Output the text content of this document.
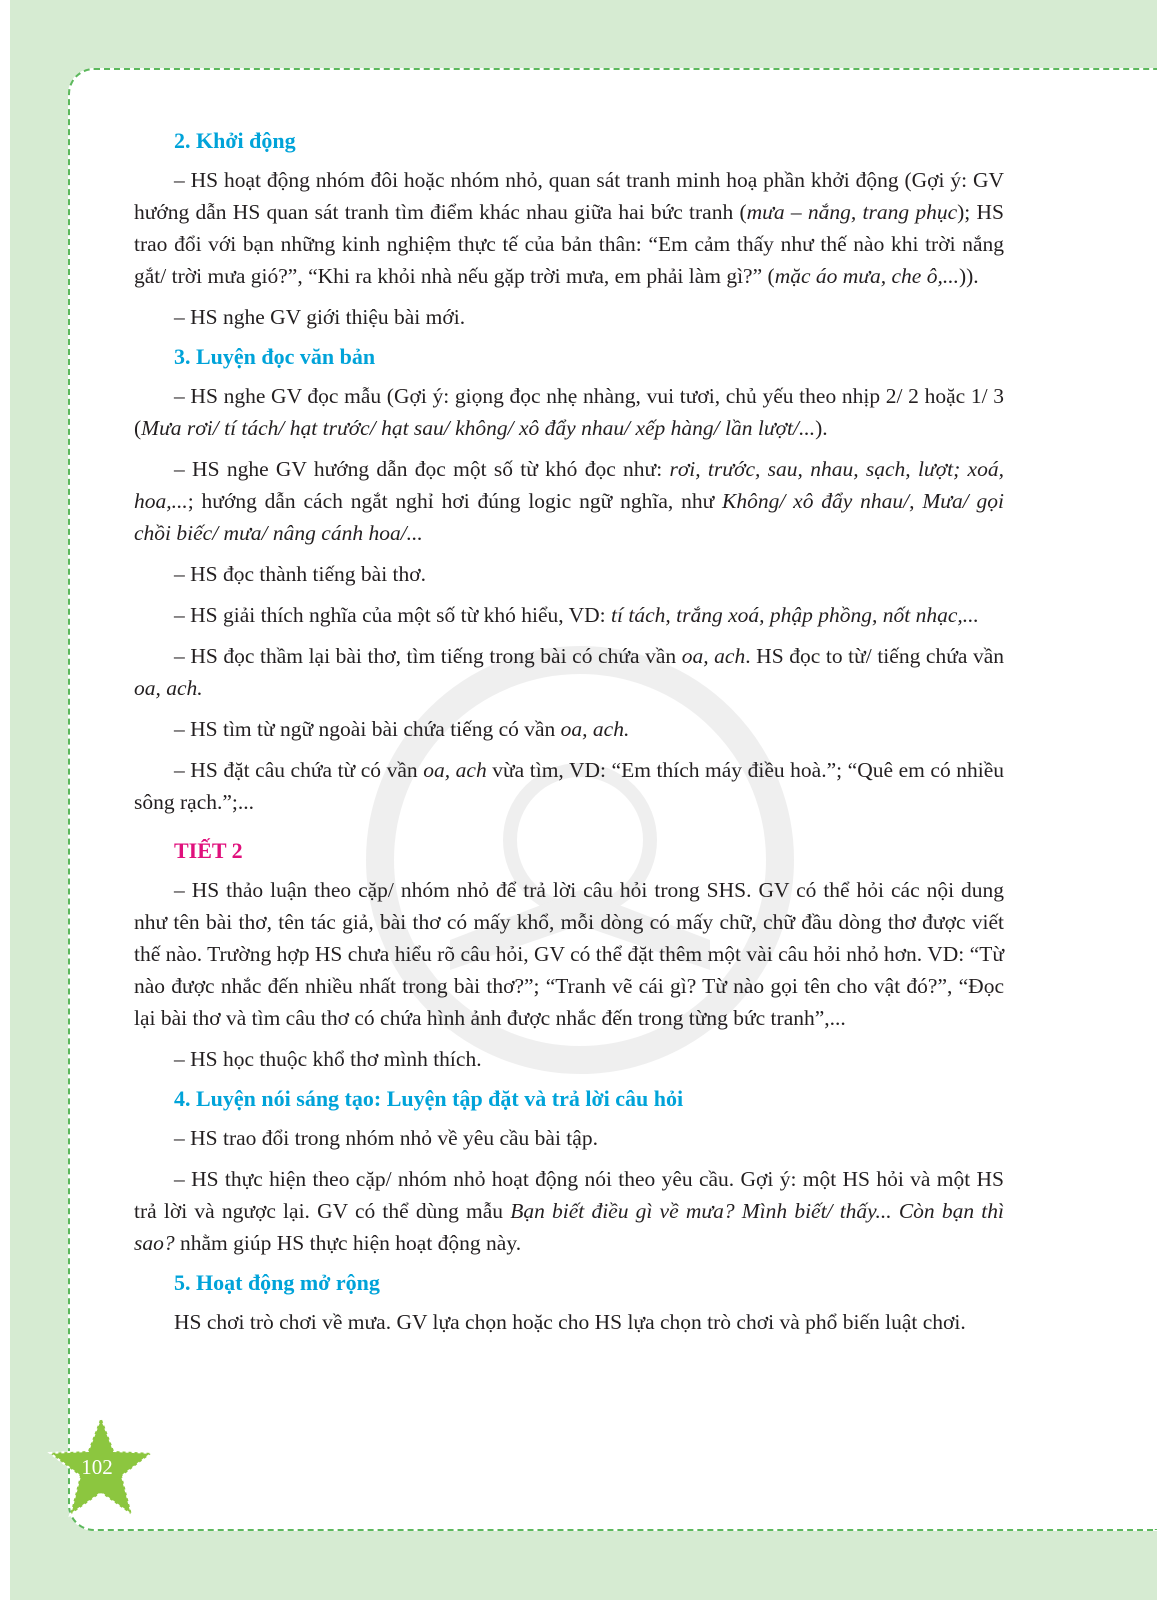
2. Khởi động

– HS hoạt động nhóm đôi hoặc nhóm nhỏ, quan sát tranh minh hoạ phần khởi động (Gợi ý: GV hướng dẫn HS quan sát tranh tìm điểm khác nhau giữa hai bức tranh (mưa – nắng, trang phục); HS trao đổi với bạn những kinh nghiệm thực tế của bản thân: “Em cảm thấy như thế nào khi trời nắng gắt/ trời mưa gió?”, “Khi ra khỏi nhà nếu gặp trời mưa, em phải làm gì?” (mặc áo mưa, che ô,...)).

– HS nghe GV giới thiệu bài mới.

3. Luyện đọc văn bản

– HS nghe GV đọc mẫu (Gợi ý: giọng đọc nhẹ nhàng, vui tươi, chủ yếu theo nhịp 2/ 2 hoặc 1/ 3 (Mưa rơi/ tí tách/ hạt trước/ hạt sau/ không/ xô đẩy nhau/ xếp hàng/ lần lượt/...).

– HS nghe GV hướng dẫn đọc một số từ khó đọc như: rơi, trước, sau, nhau, sạch, lượt; xoá, hoa,...; hướng dẫn cách ngắt nghỉ hơi đúng logic ngữ nghĩa, như Không/ xô đẩy nhau/, Mưa/ gọi chồi biếc/ mưa/ nâng cánh hoa/...

– HS đọc thành tiếng bài thơ.

– HS giải thích nghĩa của một số từ khó hiểu, VD: tí tách, trắng xoá, phập phồng, nốt nhạc,...

– HS đọc thầm lại bài thơ, tìm tiếng trong bài có chứa vần oa, ach. HS đọc to từ/ tiếng chứa vần oa, ach.

– HS tìm từ ngữ ngoài bài chứa tiếng có vần oa, ach.

– HS đặt câu chứa từ có vần oa, ach vừa tìm, VD: “Em thích máy điều hoà.”; “Quê em có nhiều sông rạch.”;...

TIẾT 2

– HS thảo luận theo cặp/ nhóm nhỏ để trả lời câu hỏi trong SHS. GV có thể hỏi các nội dung như tên bài thơ, tên tác giả, bài thơ có mấy khổ, mỗi dòng có mấy chữ, chữ đầu dòng thơ được viết thế nào. Trường hợp HS chưa hiểu rõ câu hỏi, GV có thể đặt thêm một vài câu hỏi nhỏ hơn. VD: “Từ nào được nhắc đến nhiều nhất trong bài thơ?”; “Tranh vẽ cái gì? Từ nào gọi tên cho vật đó?”, “Đọc lại bài thơ và tìm câu thơ có chứa hình ảnh được nhắc đến trong từng bức tranh”,...

– HS học thuộc khổ thơ mình thích.

4. Luyện nói sáng tạo: Luyện tập đặt và trả lời câu hỏi

– HS trao đổi trong nhóm nhỏ về yêu cầu bài tập.

– HS thực hiện theo cặp/ nhóm nhỏ hoạt động nói theo yêu cầu. Gợi ý: một HS hỏi và một HS trả lời và ngược lại. GV có thể dùng mẫu Bạn biết điều gì về mưa? Mình biết/ thấy... Còn bạn thì sao? nhằm giúp HS thực hiện hoạt động này.

5. Hoạt động mở rộng

HS chơi trò chơi về mưa. GV lựa chọn hoặc cho HS lựa chọn trò chơi và phổ biến luật chơi.

102
